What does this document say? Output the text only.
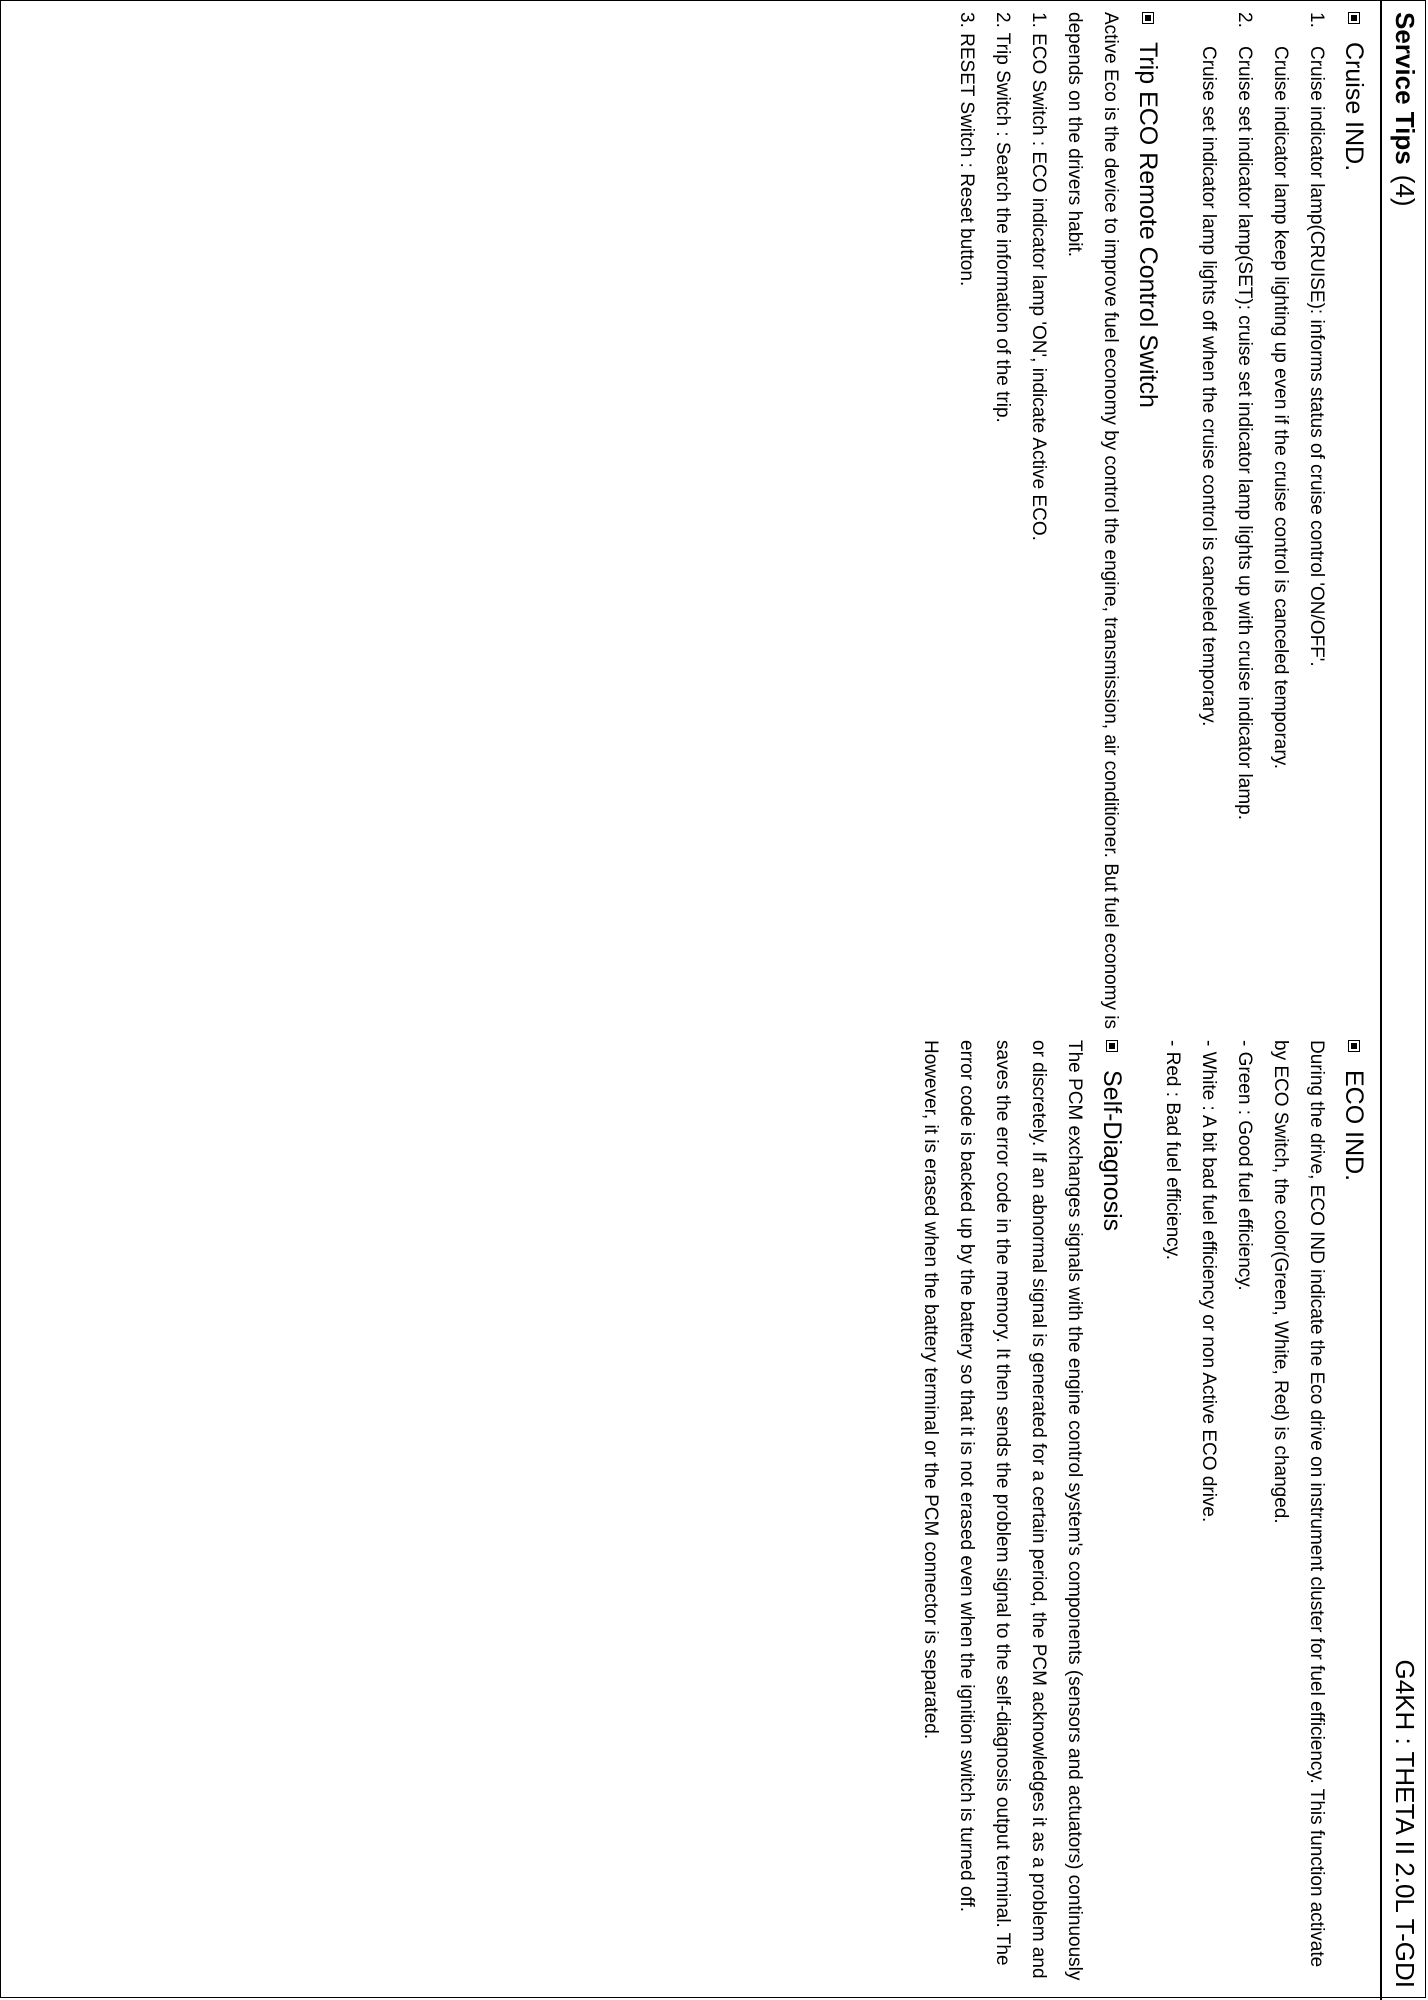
Service Tips(4)
G4KH : THETA II 2.0L T-GDI
Cruise IND.
1.
Cruise indicator lamp(CRUISE): informs status of cruise control 'ON/OFF'.

Cruise indicator lamp keep lighting up even if the cruise control is canceled temporary.

2.
Cruise set indicator lamp(SET): cruise set indicator lamp lights up with cruise indicator lamp.

Cruise set indicator lamp lights off when the cruise control is canceled temporary.

Trip ECO Remote Control Switch

Active Eco is the device to improve fuel economy by control the engine, transmission, air conditioner. But fuel economy is depends on the drivers habit.

1. ECO Switch : ECO indicator lamp 'ON', indicate Active ECO.

2. Trip Switch : Search the information of the trip.

3. RESET Switch : Reset button.

ECO IND.

During the drive, ECO IND indicate the Eco drive on instrument cluster for fuel efficiency. This function activate by ECO Switch, the color(Green, White, Red) is changed.

- Green : Good fuel efficiency.

- White : A bit bad fuel efficiency or non Active ECO drive.

- Red : Bad fuel efficiency.

Self-Diagnosis

The PCM exchanges signals with the engine control system's components (sensors and actuators) continuously or discretely. If an abnormal signal is generated for a certain period, the PCM acknowledges it as a problem and saves the error code in the memory. It then sends the problem signal to the self-diagnosis output terminal. The error code is backed up by the battery so that it is not erased even when the ignition switch is turned off. However, it is erased when the battery terminal or the PCM connector is separated.
